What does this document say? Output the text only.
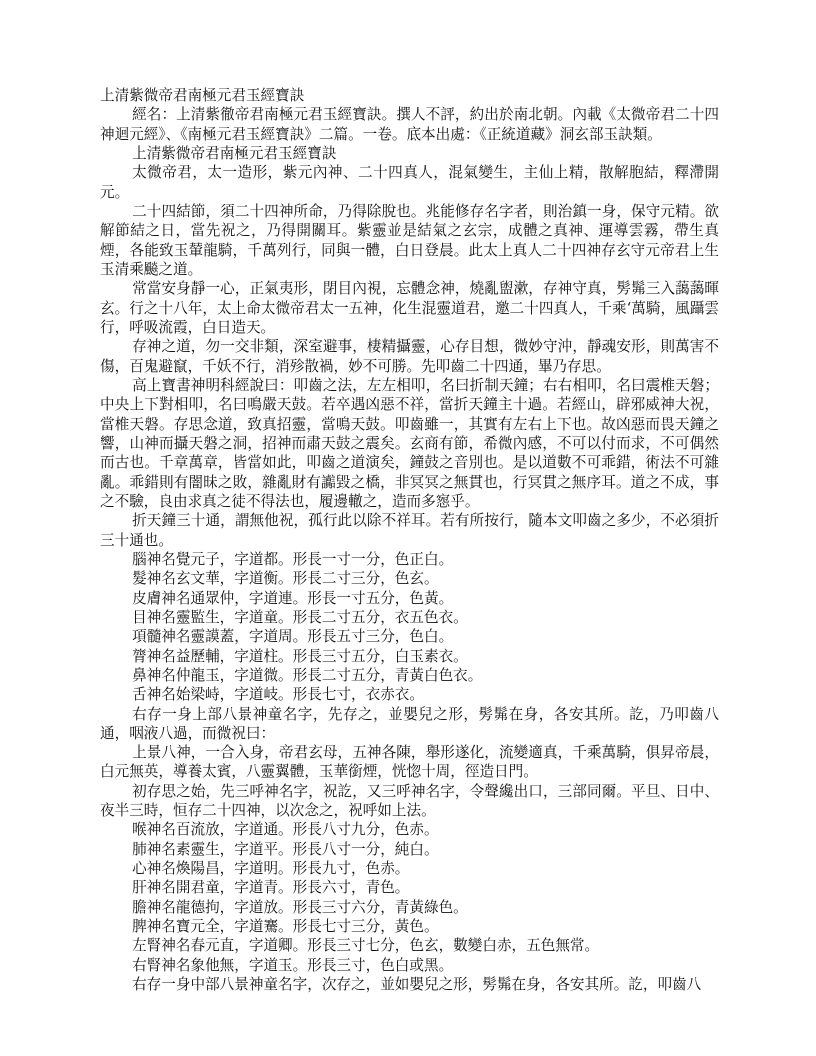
上清紫微帝君南極元君玉經寶訣
經名：上清紫徹帝君南極元君玉經寶訣。撰人不評，約出於南北朝。內載《太微帝君二十四神迴元經》、《南極元君玉經寶訣》二篇。一卷。底本出處：《正統道藏》洞玄部玉訣類。
上清紫微帝君南極元君玉經寶訣
太微帝君，太一造形，紫元內神、二十四真人，混氣變生，主仙上精，散解胞結，釋滯開元。
二十四結節，須二十四神所命，乃得除脫也。兆能修存名字者，則治鎮一身，保守元精。欲解節結之日，當先祝之，乃得開關耳。紫靈並是結氣之玄宗，成體之真神、運導雲霧，帶生真煙，各能致玉輦龍騎，千萬列行，同與一體，白日登晨。此太上真人二十四神存玄守元帝君上生玉清乘飈之道。
常當安身靜一心，正氣夷形，閉目內視，忘體念神，燒亂盥漱，存神守真，髣髴三入藹藹暉玄。行之十八年，太上命太微帝君太一五神，化生混靈道君，邀二十四真人，千乘‘萬騎，風躡雲行，呼吸流霞，白日造天。
存神之道，勿一交非類，深室避事，棲精攝靈，心存目想，微妙守沖，靜魂安形，則萬害不傷，百鬼避竄，千妖不行，消殄散禍，妙不可勝。先叩齒二十四通，畢乃存思。
高上寶書神明科經說曰：叩齒之法，左左相叩，名曰折制天鐘；右右相叩，名曰震椎天磐；中央上下對相叩，名曰鳴嚴天鼓。若卒遇凶惡不祥，當折天鐘主十過。若經山，辟邪威神大祝，當椎天磐。存思念道，致真招靈，當鳴天鼓。叩齒雖一，其實有左右上下也。故凶惡而畏天鐘之響，山神而攝天磐之洞，招神而肅天鼓之震矣。玄商有節，希微內感，不可以付而求，不可偶然而古也。千章萬章，皆當如此，叩齒之道演矣，鐘鼓之音別也。是以道數不可乖錯，術法不可雜亂。乖錯則有闇昧之敗，雜亂財有讟毀之橋，非冥冥之無貫也，行冥貫之無序耳。道之不成，事之不驗，良由求真之徒不得法也，履邊轍之，造而多惌乎。
折天鐘三十通，謂無他祝，孤行此以除不祥耳。若有所按行，隨本文叩齒之多少，不必須折三十通也。
腦神名覺元子，字道都。形長一寸一分，色正白。
髮神名玄文華，字道衡。形長二寸三分，色玄。
皮膚神名通眾仲，字道連。形長一寸五分，色黃。
目神名靈監生，字道童。形長二寸五分，衣五色衣。
項髓神名靈謨蓋，字道周。形長五寸三分，色白。
膂神名益歷輔，字道柱。形長三寸五分，白玉素衣。
鼻神名仲龍玉，字道微。形長二寸五分，青黃白色衣。
舌神名始梁峙，字道岐。形長七寸，衣赤衣。
右存一身上部八景神童名字，先存之，並嬰兒之形，髣髴在身，各安其所。訖，乃叩齒八通，咽液八過，而微祝曰：
上景八神，一合入身，帝君玄母，五神各陳，舉形遂化，流變適真，千乘萬騎，俱昇帝晨，白元無英，導養太賓，八靈翼體，玉華銜煙，恍惚十周，徑造日門。
初存思之始，先三呼神名字，祝訖，又三呼神名字，令聲纔出口，三部同爾。平旦、日中、夜半三時，恒存二十四神，以次念之，祝呼如上法。
喉神名百流放，字道通。形長八寸九分，色赤。
肺神名素靈生，字道平。形長八寸一分，純白。
心神名煥陽昌，字道明。形長九寸，色赤。
肝神名開君童，字道青。形長六寸，青色。
膽神名龍德拘，字道放。形長三寸六分，青黃綠色。
脾神名寶元全，字道騫。形長七寸三分，黃色。
左腎神名春元直，字道卿。形長三寸七分，色玄，數變白赤，五色無常。
右腎神名象他無，字道玉。形長三寸，色白或黑。
右存一身中部八景神童名字，次存之，並如嬰兒之形，髣髴在身，各安其所。訖，叩齒八
